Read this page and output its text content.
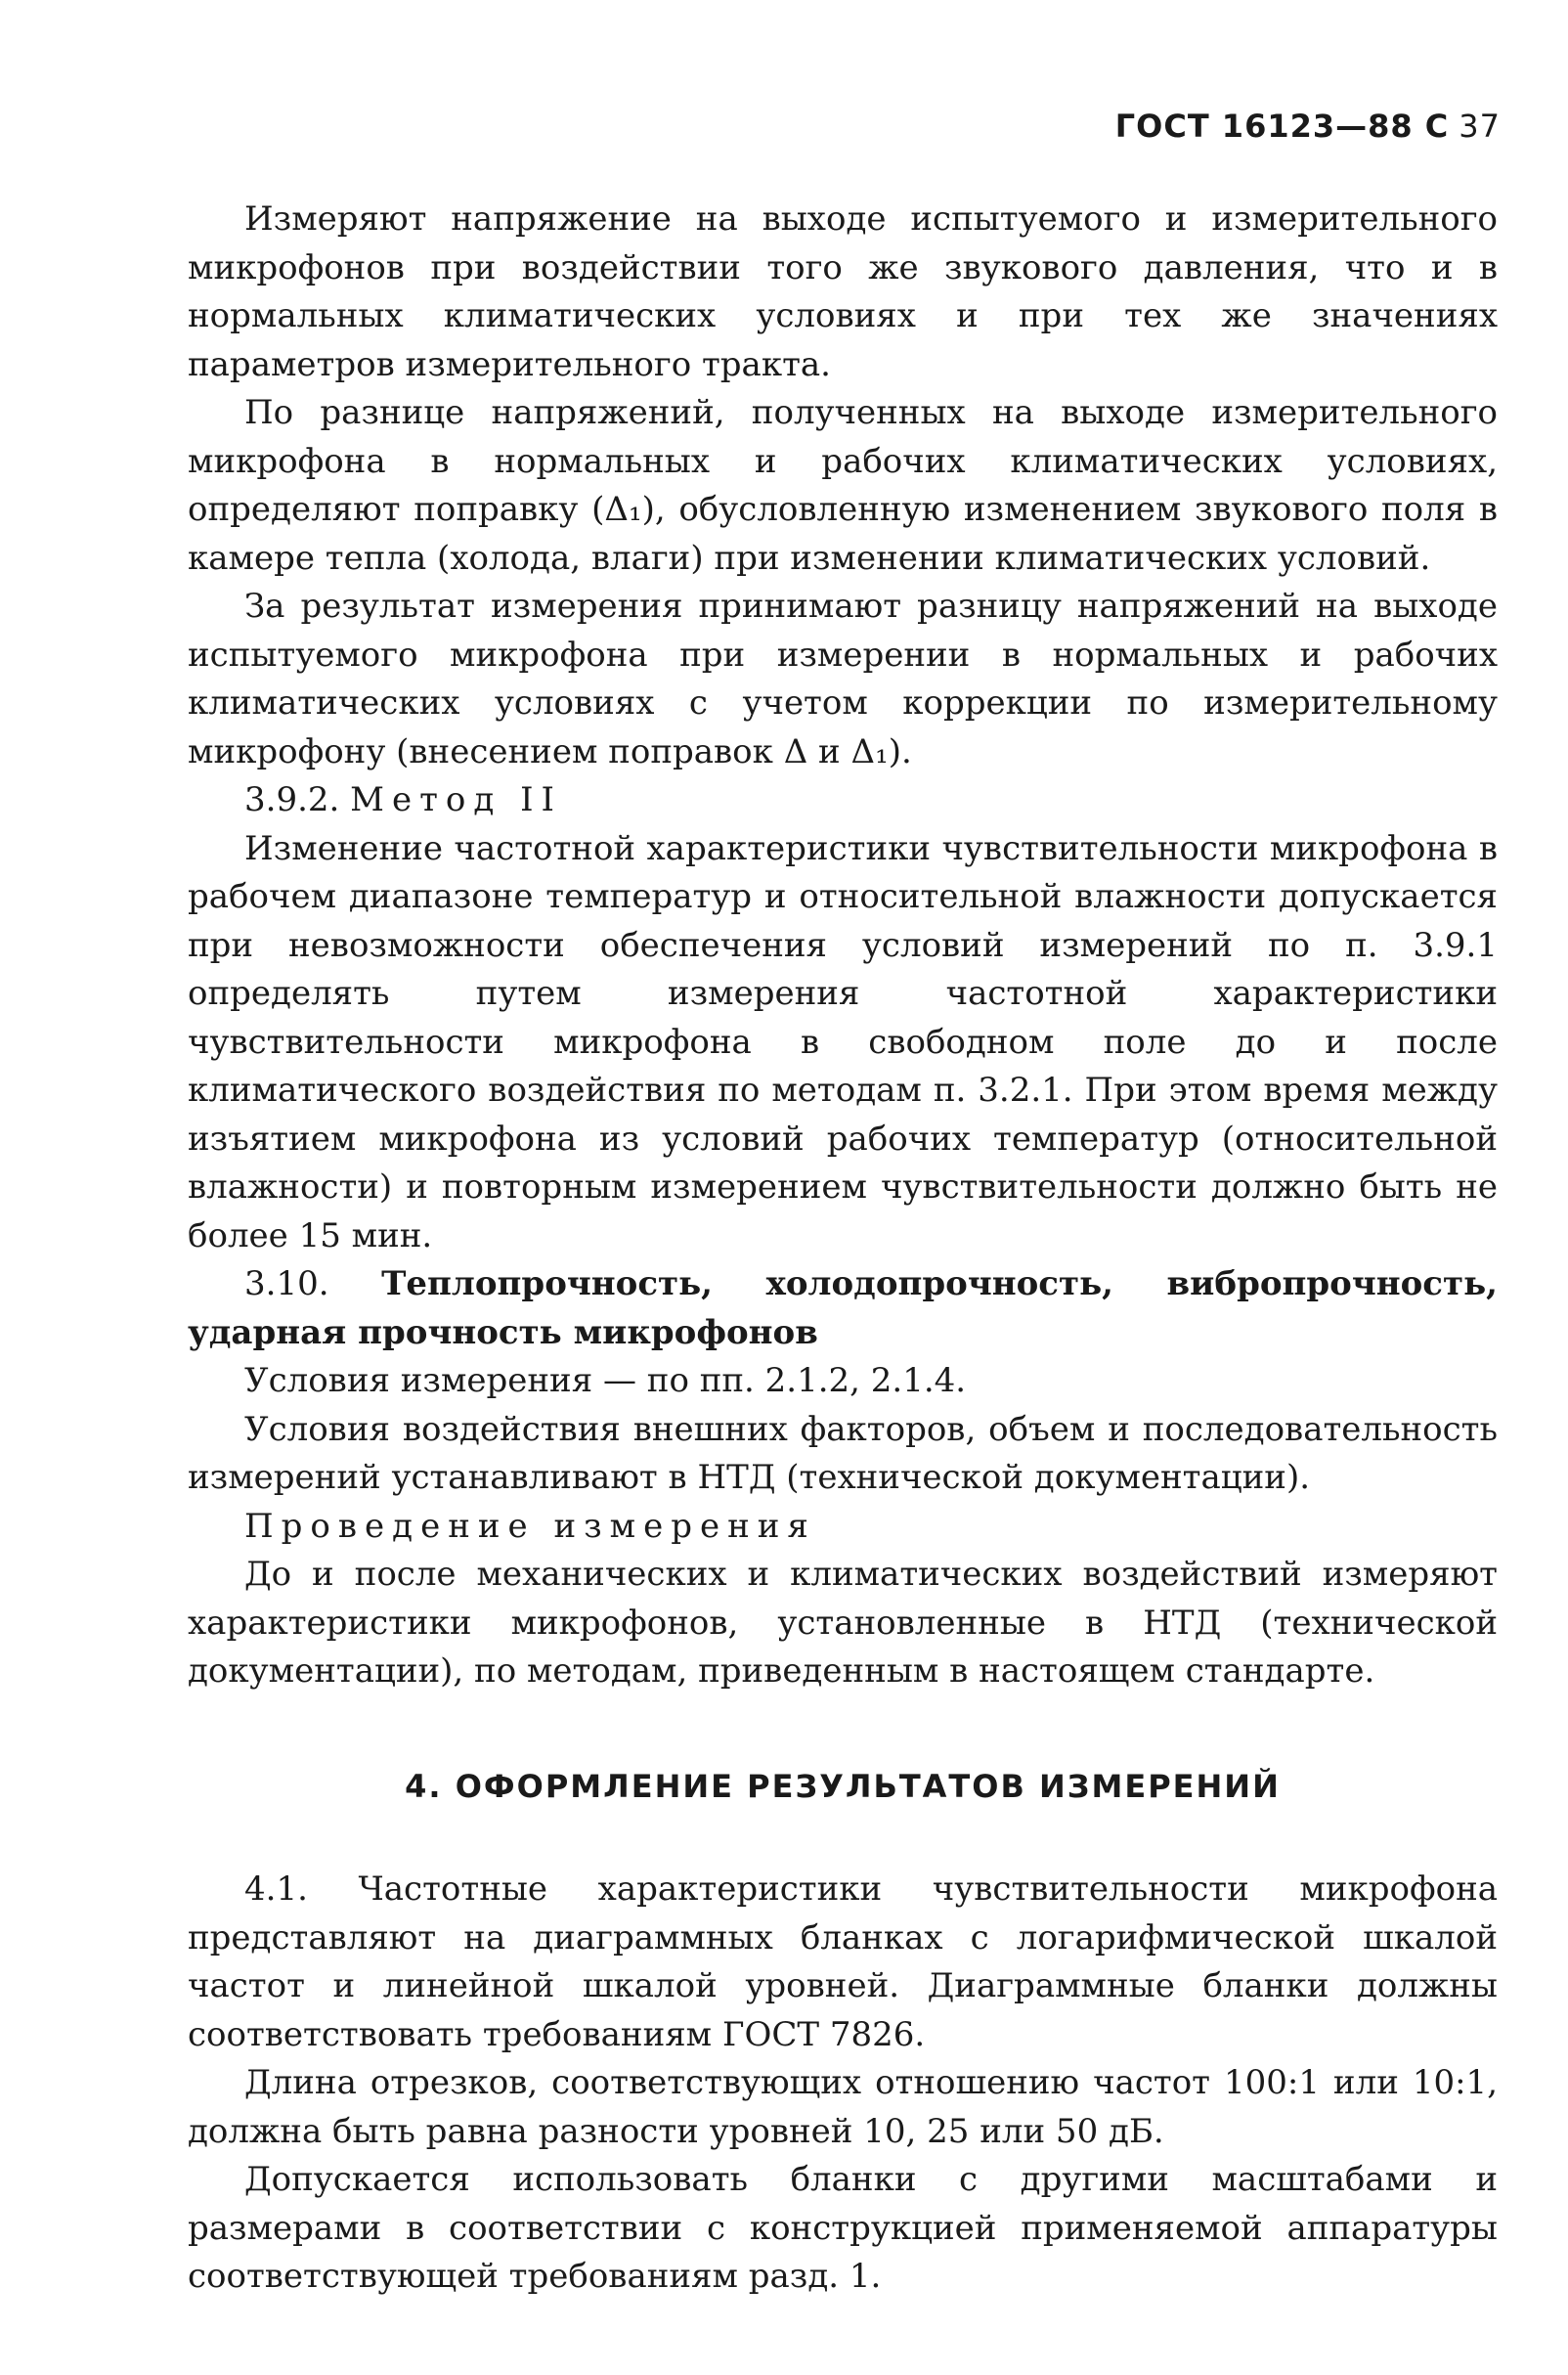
ГОСТ 16123—88 С 37

Измеряют напряжение на выходе испытуемого и измерительного микрофонов при воздействии того же звукового давления, что и в нормальных климатических условиях и при тех же значениях параметров измерительного тракта.

По разнице напряжений, полученных на выходе измерительного микрофона в нормальных и рабочих климатических условиях, определяют поправку (Δ₁), обусловленную изменением звукового поля в камере тепла (холода, влаги) при изменении климатических условий.

За результат измерения принимают разницу напряжений на выходе испытуемого микрофона при измерении в нормальных и рабочих климатических условиях с учетом коррекции по измерительному микрофону (внесением поправок Δ и Δ₁).

3.9.2. Метод II

Изменение частотной характеристики чувствительности микрофона в рабочем диапазоне температур и относительной влажности допускается при невозможности обеспечения условий измерений по п. 3.9.1 определять путем измерения частотной характеристики чувствительности микрофона в свободном поле до и после климатического воздействия по методам п. 3.2.1. При этом время между изъятием микрофона из условий рабочих температур (относительной влажности) и повторным измерением чувствительности должно быть не более 15 мин.

3.10. Теплопрочность, холодопрочность, вибропрочность, ударная прочность микрофонов

Условия измерения — по пп. 2.1.2, 2.1.4.

Условия воздействия внешних факторов, объем и последовательность измерений устанавливают в НТД (технической документации).

Проведение измерения

До и после механических и климатических воздействий измеряют характеристики микрофонов, установленные в НТД (технической документации), по методам, приведенным в настоящем стандарте.

4. ОФОРМЛЕНИЕ РЕЗУЛЬТАТОВ ИЗМЕРЕНИЙ

4.1. Частотные характеристики чувствительности микрофона представляют на диаграммных бланках с логарифмической шкалой частот и линейной шкалой уровней. Диаграммные бланки должны соответствовать требованиям ГОСТ 7826.

Длина отрезков, соответствующих отношению частот 100:1 или 10:1, должна быть равна разности уровней 10, 25 или 50 дБ.

Допускается использовать бланки с другими масштабами и размерами в соответствии с конструкцией применяемой аппаратуры соответствующей требованиям разд. 1.
